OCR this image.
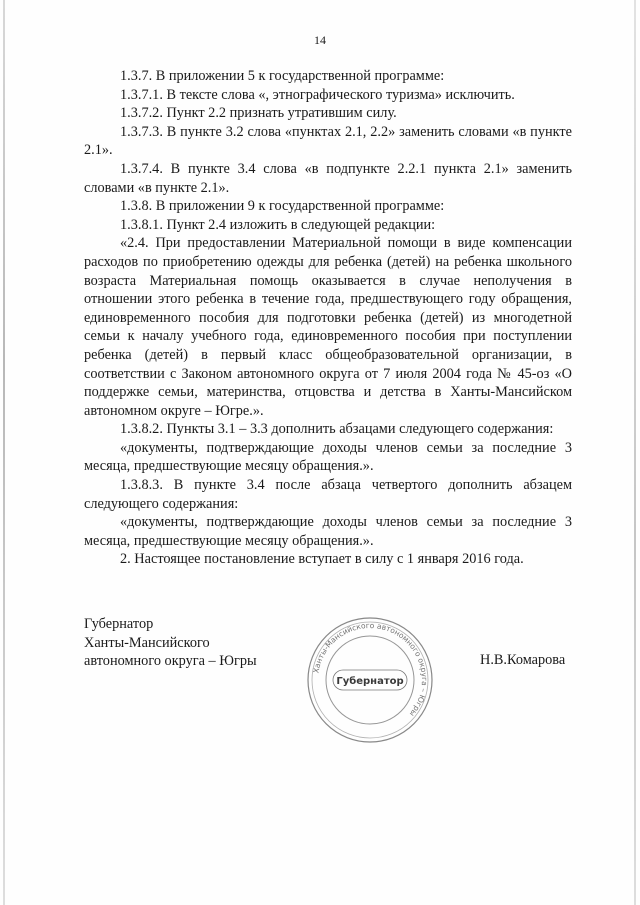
14

1.3.7. В приложении 5 к государственной программе:

1.3.7.1. В тексте слова «, этнографического туризма» исключить.

1.3.7.2. Пункт 2.2 признать утратившим силу.

1.3.7.3. В пункте 3.2 слова «пунктах 2.1, 2.2» заменить словами «в пункте 2.1».

1.3.7.4. В пункте 3.4 слова «в подпункте 2.2.1 пункта 2.1» заменить словами «в пункте 2.1».

1.3.8. В приложении 9 к государственной программе:

1.3.8.1. Пункт 2.4 изложить в следующей редакции:

«2.4. При предоставлении Материальной помощи в виде компенсации расходов по приобретению одежды для ребенка (детей) на ребенка школьного возраста Материальная помощь оказывается в случае неполучения в отношении этого ребенка в течение года, предшествующего году обращения, единовременного пособия для подготовки ребенка (детей) из многодетной семьи к началу учебного года, единовременного пособия при поступлении ребенка (детей) в первый класс общеобразовательной организации, в соответствии с Законом автономного округа от 7 июля 2004 года № 45-оз «О поддержке семьи, материнства, отцовства и детства в Ханты-Мансийском автономном округе – Югре.».

1.3.8.2. Пункты 3.1 – 3.3 дополнить абзацами следующего содержания:

«документы, подтверждающие доходы членов семьи за последние 3 месяца, предшествующие месяцу обращения.».

1.3.8.3. В пункте 3.4 после абзаца четвертого дополнить абзацем следующего содержания:

«документы, подтверждающие доходы членов семьи за последние 3 месяца, предшествующие месяцу обращения.».

2. Настоящее постановление вступает в силу с 1 января 2016 года.

Губернатор
Ханты-Мансийского
автономного округа – Югры
Ханты-Мансийского автономного округа – Югры
Губернатор
Н.В.Комарова
